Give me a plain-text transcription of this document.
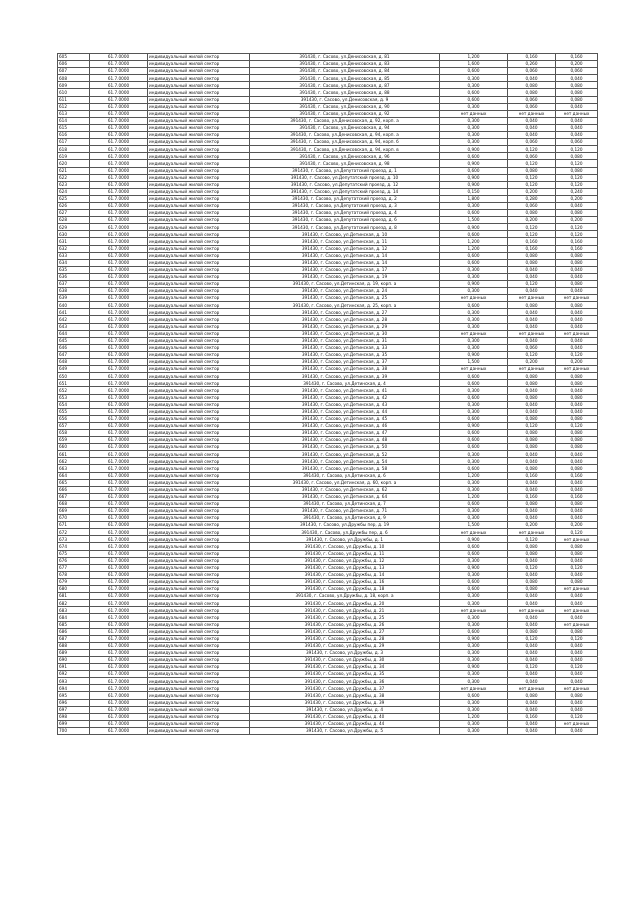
605	61.7.0000	индивидуальный жилой сектор	391430, г. Сасово, ул.Денисовская, д. 81	1,200	0,160	0,160
606	61.7.0000	индивидуальный жилой сектор	391430, г. Сасово, ул.Денисовская, д. 83	1,600	0,260	0,200
607	61.7.0000	индивидуальный жилой сектор	391430, г. Сасово, ул.Денисовская, д. 84	0,600	0,060	0,060
608	61.7.0000	индивидуальный жилой сектор	391430, г. Сасово, ул.Денисовская, д. 85	0,300	0,040	0,040
609	61.7.0000	индивидуальный жилой сектор	391430, г. Сасово, ул.Денисовская, д. 87	0,300	0,080	0,080
610	61.7.0000	индивидуальный жилой сектор	391430, г. Сасово, ул.Денисовская, д. 88	0,600	0,080	0,080
611	61.7.0000	индивидуальный жилой сектор	391430, г. Сасово, ул.Денисовская, д. 9	0,600	0,060	0,080
612	61.7.0000	индивидуальный жилой сектор	391430, г. Сасово, ул.Денисовская, д. 90	0,300	0,060	0,040
613	61.7.0000	индивидуальный жилой сектор	391430, г. Сасово, ул.Денисовская, д. 92	нет данных	нет данных	нет данных
614	61.7.0000	индивидуальный жилой сектор	391430, г. Сасово, ул.Денисовская, д. 92, корп. а	0,300	0,040	0,040
615	61.7.0000	индивидуальный жилой сектор	391430, г. Сасово, ул.Денисовская, д. 94	0,300	0,040	0,040
616	61.7.0000	индивидуальный жилой сектор	391430, г. Сасово, ул.Денисовская, д. 94, корп. а	0,300	0,040	0,040
617	61.7.0000	индивидуальный жилой сектор	391430, г. Сасово, ул.Денисовская, д. 94, корп. б	0,300	0,060	0,060
618	61.7.0000	индивидуальный жилой сектор	391430, г. Сасово, ул.Денисовская, д. 94, корп. в	0,900	0,120	0,120
619	61.7.0000	индивидуальный жилой сектор	391430, г. Сасово, ул.Денисовская, д. 96	0,600	0,060	0,080
620	61.7.0000	индивидуальный жилой сектор	391430, г. Сасово, ул.Денисовская, д. 98	0,900	0,120	0,120
621	61.7.0000	индивидуальный жилой сектор	391430, г. Сасово, ул.Депутатский проезд, д. 1	0,600	0,080	0,080
622	61.7.0000	индивидуальный жилой сектор	391430, г. Сасово, ул.Депутатский проезд, д. 10	0,900	0,120	0,120
623	61.7.0000	индивидуальный жилой сектор	391430, г. Сасово, ул.Депутатский проезд, д. 12	0,900	0,120	0,120
624	61.7.0000	индивидуальный жилой сектор	391430, г. Сасово, ул.Депутатский проезд, д. 14	0,150	0,200	0,240
625	61.7.0000	индивидуальный жилой сектор	391430, г. Сасово, ул.Депутатский проезд, д. 2	1,800	0,280	0,200
626	61.7.0000	индивидуальный жилой сектор	391430, г. Сасово, ул.Депутатский проезд, д. 3	0,300	0,060	0,040
627	61.7.0000	индивидуальный жилой сектор	391430, г. Сасово, ул.Депутатский проезд, д. 4	0,600	0,080	0,080
628	61.7.0000	индивидуальный жилой сектор	391430, г. Сасово, ул.Депутатский проезд, д. 6	1,500	0,200	0,200
629	61.7.0000	индивидуальный жилой сектор	391430, г. Сасово, ул.Депутатский проезд, д. 8	0,900	0,120	0,120
630	61.7.0000	индивидуальный жилой сектор	391430, г. Сасово, ул.Детинская, д. 10	0,600	0,120	0,120
631	61.7.0000	индивидуальный жилой сектор	391430, г. Сасово, ул.Детинская, д. 11	1,200	0,160	0,160
632	61.7.0000	индивидуальный жилой сектор	391430, г. Сасово, ул.Детинская, д. 12	1,200	0,160	0,160
633	61.7.0000	индивидуальный жилой сектор	391430, г. Сасово, ул.Детинская, д. 14	0,600	0,080	0,080
634	61.7.0000	индивидуальный жилой сектор	391430, г. Сасово, ул.Детинская, д. 14	0,600	0,080	0,080
635	61.7.0000	индивидуальный жилой сектор	391430, г. Сасово, ул.Детинская, д. 17	0,300	0,040	0,040
636	61.7.0000	индивидуальный жилой сектор	391430, г. Сасово, ул.Детинская, д. 19	0,300	0,040	0,040
637	61.7.0000	индивидуальный жилой сектор	391430, г. Сасово, ул.Детинская, д. 19, корп. а	0,900	0,120	0,080
638	61.7.0000	индивидуальный жилой сектор	391430, г. Сасово, ул.Детинская, д. 24	0,300	0,040	0,040
639	61.7.0000	индивидуальный жилой сектор	391430, г. Сасово, ул.Детинская, д. 25	нет данных	нет данных	нет данных
640	61.7.0000	индивидуальный жилой сектор	391430, г. Сасово, ул.Детинская, д. 25, корп. а	0,600	0,080	0,080
641	61.7.0000	индивидуальный жилой сектор	391430, г. Сасово, ул.Детинская, д. 27	0,300	0,040	0,040
642	61.7.0000	индивидуальный жилой сектор	391430, г. Сасово, ул.Детинская, д. 28	0,300	0,040	0,040
643	61.7.0000	индивидуальный жилой сектор	391430, г. Сасово, ул.Детинская, д. 29	0,300	0,040	0,040
644	61.7.0000	индивидуальный жилой сектор	391430, г. Сасово, ул.Детинская, д. 30	нет данных	нет данных	нет данных
645	61.7.0000	индивидуальный жилой сектор	391430, г. Сасово, ул.Детинская, д. 31	0,300	0,040	0,040
646	61.7.0000	индивидуальный жилой сектор	391430, г. Сасово, ул.Детинская, д. 33	0,300	0,060	0,040
647	61.7.0000	индивидуальный жилой сектор	391430, г. Сасово, ул.Детинская, д. 35	0,900	0,120	0,120
648	61.7.0000	индивидуальный жилой сектор	391430, г. Сасово, ул.Детинская, д. 37	1,500	0,200	0,200
649	61.7.0000	индивидуальный жилой сектор	391430, г. Сасово, ул.Детинская, д. 38	нет данных	нет данных	нет данных
650	61.7.0000	индивидуальный жилой сектор	391430, г. Сасово, ул.Детинская, д. 39	0,600	0,080	0,080
651	61.7.0000	индивидуальный жилой сектор	391430, г. Сасово, ул.Детинская, д. 4	0,600	0,080	0,080
652	61.7.0000	индивидуальный жилой сектор	391430, г. Сасово, ул.Детинская, д. 41	0,300	0,040	0,040
653	61.7.0000	индивидуальный жилой сектор	391430, г. Сасово, ул.Детинская, д. 42	0,600	0,080	0,080
654	61.7.0000	индивидуальный жилой сектор	391430, г. Сасово, ул.Детинская, д. 43	0,300	0,040	0,040
655	61.7.0000	индивидуальный жилой сектор	391430, г. Сасово, ул.Детинская, д. 44	0,300	0,040	0,040
656	61.7.0000	индивидуальный жилой сектор	391430, г. Сасово, ул.Детинская, д. 45	0,600	0,080	0,080
657	61.7.0000	индивидуальный жилой сектор	391430, г. Сасово, ул.Детинская, д. 46	0,900	0,120	0,120
658	61.7.0000	индивидуальный жилой сектор	391430, г. Сасово, ул.Детинская, д. 47	0,600	0,080	0,080
659	61.7.0000	индивидуальный жилой сектор	391430, г. Сасово, ул.Детинская, д. 48	0,600	0,080	0,080
660	61.7.0000	индивидуальный жилой сектор	391430, г. Сасово, ул.Детинская, д. 50	0,600	0,080	0,080
661	61.7.0000	индивидуальный жилой сектор	391430, г. Сасово, ул.Детинская, д. 52	0,300	0,040	0,040
662	61.7.0000	индивидуальный жилой сектор	391430, г. Сасово, ул.Детинская, д. 54	0,300	0,040	0,040
663	61.7.0000	индивидуальный жилой сектор	391430, г. Сасово, ул.Детинская, д. 58	0,600	0,080	0,080
664	61.7.0000	индивидуальный жилой сектор	391430, г. Сасово, ул.Детинская, д. 6	1,200	0,160	0,160
665	61.7.0000	индивидуальный жилой сектор	391430, г. Сасово, ул.Детинская, д. 60, корп. а	0,300	0,040	0,040
666	61.7.0000	индивидуальный жилой сектор	391430, г. Сасово, ул.Детинская, д. 62	0,300	0,040	0,040
667	61.7.0000	индивидуальный жилой сектор	391430, г. Сасово, ул.Детинская, д. 64	1,200	0,160	0,160
668	61.7.0000	индивидуальный жилой сектор	391430, г. Сасово, ул.Детинская, д. 7	0,600	0,080	0,080
669	61.7.0000	индивидуальный жилой сектор	391430, г. Сасово, ул.Детинская, д. 71	0,300	0,040	0,040
670	61.7.0000	индивидуальный жилой сектор	391430, г. Сасово, ул.Детинская, д. 9	0,300	0,040	0,040
671	61.7.0000	индивидуальный жилой сектор	391430, г. Сасово, ул.Дружбы пер, д. 19	1,500	0,200	0,200
672	61.7.0000	индивидуальный жилой сектор	391430, г. Сасово, ул.Дружбы пер, д. 6	нет данных	нет данных	0,120
673	61.7.0000	индивидуальный жилой сектор	391430, г. Сасово, ул.Дружбы, д. 1	0,900	0,120	нет данных
674	61.7.0000	индивидуальный жилой сектор	391430, г. Сасово, ул.Дружбы, д. 10	0,600	0,080	0,080
675	61.7.0000	индивидуальный жилой сектор	391430, г. Сасово, ул.Дружбы, д. 11	0,600	0,080	0,080
676	61.7.0000	индивидуальный жилой сектор	391430, г. Сасово, ул.Дружбы, д. 12	0,300	0,040	0,040
677	61.7.0000	индивидуальный жилой сектор	391430, г. Сасово, ул.Дружбы, д. 13	0,900	0,120	0,120
678	61.7.0000	индивидуальный жилой сектор	391430, г. Сасово, ул.Дружбы, д. 14	0,300	0,040	0,040
679	61.7.0000	индивидуальный жилой сектор	391430, г. Сасово, ул.Дружбы, д. 16	0,600	0,080	0,080
680	61.7.0000	индивидуальный жилой сектор	391430, г. Сасово, ул.Дружбы, д. 18	0,600	0,080	нет данных
681	61.7.0000	индивидуальный жилой сектор	391430, г. Сасово, ул.Дружбы, д. 18, корп. а	0,300	0,040	0,040
682	61.7.0000	индивидуальный жилой сектор	391430, г. Сасово, ул.Дружбы, д. 20	0,300	0,040	0,040
683	61.7.0000	индивидуальный жилой сектор	391430, г. Сасово, ул.Дружбы, д. 21	нет данных	нет данных	нет данных
684	61.7.0000	индивидуальный жилой сектор	391430, г. Сасово, ул.Дружбы, д. 25	0,300	0,040	0,040
685	61.7.0000	индивидуальный жилой сектор	391430, г. Сасово, ул.Дружбы, д. 26	0,300	0,040	нет данных
686	61.7.0000	индивидуальный жилой сектор	391430, г. Сасово, ул.Дружбы, д. 27	0,600	0,080	0,080
687	61.7.0000	индивидуальный жилой сектор	391430, г. Сасово, ул.Дружбы, д. 28	0,900	0,120	0,120
688	61.7.0000	индивидуальный жилой сектор	391430, г. Сасово, ул.Дружбы, д. 29	0,300	0,040	0,040
689	61.7.0000	индивидуальный жилой сектор	391430, г. Сасово, ул.Дружбы, д. 3	0,300	0,040	0,040
690	61.7.0000	индивидуальный жилой сектор	391430, г. Сасово, ул.Дружбы, д. 30	0,300	0,040	0,040
691	61.7.0000	индивидуальный жилой сектор	391430, г. Сасово, ул.Дружбы, д. 34	0,900	0,120	0,120
692	61.7.0000	индивидуальный жилой сектор	391430, г. Сасово, ул.Дружбы, д. 35	0,300	0,040	0,040
693	61.7.0000	индивидуальный жилой сектор	391430, г. Сасово, ул.Дружбы, д. 36	0,300	0,040	0,040
694	61.7.0000	индивидуальный жилой сектор	391430, г. Сасово, ул.Дружбы, д. 37	нет данных	нет данных	нет данных
695	61.7.0000	индивидуальный жилой сектор	391430, г. Сасово, ул.Дружбы, д. 38	0,600	0,080	0,080
696	61.7.0000	индивидуальный жилой сектор	391430, г. Сасово, ул.Дружбы, д. 39	0,300	0,040	0,040
697	61.7.0000	индивидуальный жилой сектор	391430, г. Сасово, ул.Дружбы, д. 4	0,300	0,040	0,040
698	61.7.0000	индивидуальный жилой сектор	391430, г. Сасово, ул.Дружбы, д. 40	1,200	0,160	0,120
699	61.7.0000	индивидуальный жилой сектор	391430, г. Сасово, ул.Дружбы, д. 44	0,300	0,040	нет данных
700	61.7.0000	индивидуальный жилой сектор	391430, г. Сасово, ул.Дружбы, д. 5	0,300	0,040	0,040
